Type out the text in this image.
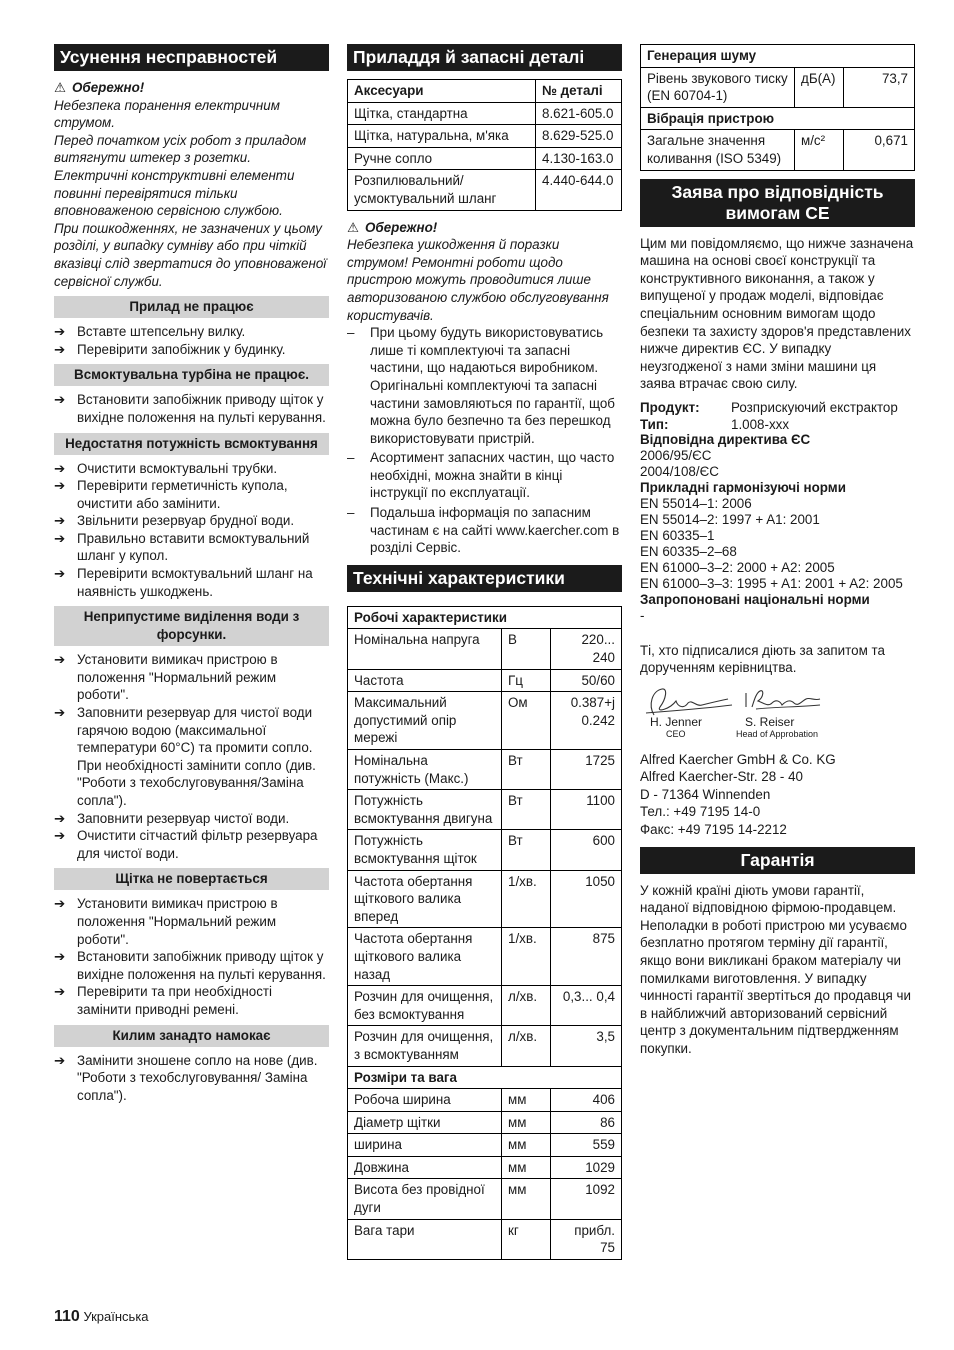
Усунення несправностей
⚠ Обережно!

Небезпека поранення електричним струмом.

Перед початком усіх робот з приладом витягнути штекер з розетки.

Електричні конструктивні елементи повинні перевірятися тільки вповноваженою сервісною службою.

При пошкодженнях, не зазначених у цьому розділі, у випадку сумніву або при чіткій вказівці слід звертатися до уповноваженої сервісної служби.

Прилад не працює
➔ Вставте штепсельну вилку.
➔ Перевірити запобіжник у будинку.
Всмоктувальна турбіна не працює.
➔ Встановити запобіжник приводу щіток у вихідне положення на пульті керування.
Недостатня потужність всмоктування
➔ Очистити всмоктувальні трубки.
➔ Перевірити герметичність купола, очистити або замінити.
➔ Звільнити резервуар брудної води.
➔ Правильно вставити всмоктувальний шланг у купол.
➔ Перевірити всмоктувальний шланг на наявність ушкоджень.
Неприпустиме виділення води з форсунки.
➔ Установити вимикач пристрою в положення "Нормальний режим роботи".
➔ Заповнити резервуар для чистої води гарячою водою (максимальної температури 60°C) та промити сопло. При необхідності замінити сопло (див. "Роботи з техобслуговування/Заміна сопла").
➔ Заповнити резервуар чистої води.
➔ Очистити сітчастий фільтр резервуара для чистої води.
Щітка не повертається
➔ Установити вимикач пристрою в положення "Нормальний режим роботи".
➔ Встановити запобіжник приводу щіток у вихідне положення на пульті керування.
➔ Перевірити та при необхідності замінити приводні ремені.
Килим занадто намокає
➔ Замінити зношене сопло на нове (див. "Роботи з техобслуговування/ Заміна сопла").
Приладдя й запасні деталі
Аксесуари	№ деталі
Щітка, стандартна	8.621-605.0
Щітка, натуральна, м'яка	8.629-525.0
Ручне сопло	4.130-163.0
Розпилювальний/ усмоктувальний шланг	4.440-644.0
⚠ Обережно!
Небезпека ушкодження й поразки струмом! Ремонтні роботи щодо пристрою можуть проводитися лише авторизованою службою обслуговування користувачів.
– При цьому будуть використовуватись лише ті комплектуючі та запасні частини, що надаються виробником. Оригінальні комплектуючі та запасні частини замовляються по гарантії, щоб можна було безпечно та без перешкод використовувати пристрій.
– Асортимент запасних частин, що часто необхідні, можна знайти в кінці інструкції по експлуатації.
– Подальша інформація по запасним частинам є на сайті www.kaercher.com в розділі Сервіс.
Технічні характеристики
Робочі характеристики		
Номінальна напруга	В	220... 240
Частота	Гц	50/60
Максимальний допустимий опір мережі	Ом	0.387+j 0.242
Номінальна потужність (Макс.)	Вт	1725
Потужність всмоктування двигуна	Вт	1100
Потужність всмоктування щіток	Вт	600
Частота обертання щіткового валика вперед	1/хв.	1050
Частота обертання щіткового валика назад	1/хв.	875
Розчин для очищення, без всмоктування	л/хв.	0,3... 0,4
Розчин для очищення, з всмоктуванням	л/хв.	3,5
Розміри та вага		
Робоча ширина	мм	406
Діаметр щітки	мм	86
ширина	мм	559
Довжина	мм	1029
Висота без провідної дуги	мм	1092
Вага тари	кг	прибл. 75
Генерация шуму		
Рівень звукового тиску (EN 60704-1)	дБ(A)	73,7
Вібрація пристрою		
Загальне значення коливання (ISO 5349)	м/с²	0,671
Заява про відповідність вимогам CE

Цим ми повідомляємо, що нижче зазначена машина на основі своєї конструкції та конструктивного виконання, а також у випущеної у продаж моделі, відповідає спеціальним основним вимогам щодо безпеки та захисту здоров'я представлених нижче директив ЄС. У випадку неузгодженої з нами зміни машини ця заява втрачає свою силу.

Продукт:	Розприскуючий екстрактор
Тип:	1.008-xxx

Відповідна директива ЄС

2006/95/ЄС

2004/108/ЄС

Прикладні гармонізуючі норми

EN 55014–1: 2006

EN 55014–2: 1997 + A1: 2001

EN 60335–1

EN 60335–2–68

EN 61000–3–2: 2000 + A2: 2005

EN 61000–3–3: 1995 + A1: 2001 + A2: 2005

Запропоновані національні норми

-

Ті, хто підписалися діють за запитом та дорученням керівництва.

H. Jenner
CEO
S. Reiser
Head of Approbation

Alfred Kaercher GmbH & Co. KG

Alfred Kaercher-Str. 28 - 40

D - 71364 Winnenden

Тел.: +49 7195 14-0

Факс: +49 7195 14-2212

Гарантія
У кожній країні діють умови гарантії, наданої відповідною фірмою-продавцем. Неполадки в роботі пристрою ми усуваємо безплатно протягом терміну дії гарантії, якщо вони викликані браком матеріалу чи помилками виготовлення. У випадку чинності гарантії звертіться до продавця чи в найближчий авторизований сервісний центр з документальним підтвердженням покупки.
110 Українська
